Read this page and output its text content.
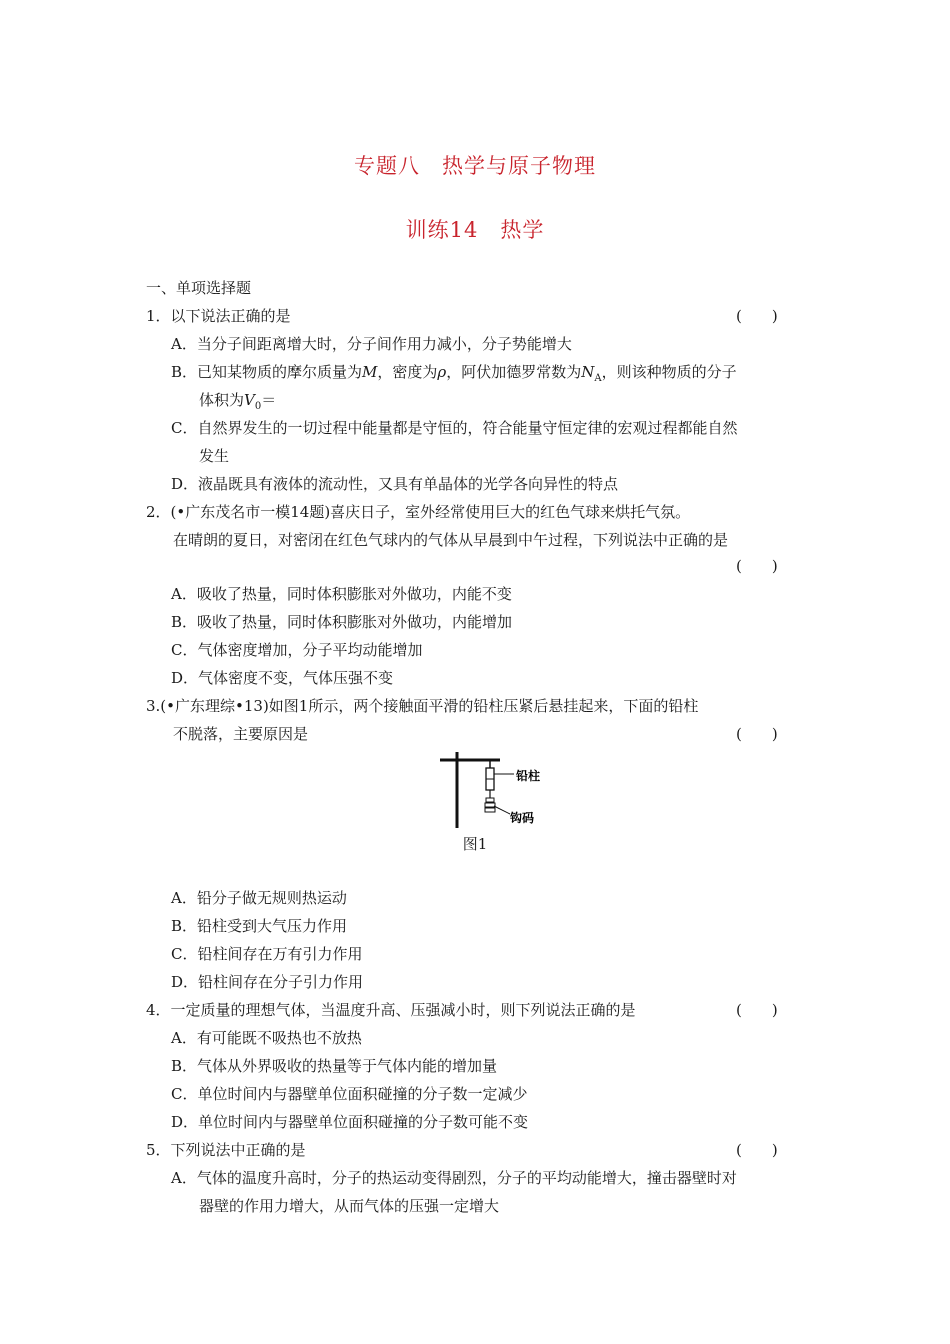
专题八　热学与原子物理
训练14　热学
一、单项选择题
1．以下说法正确的是	(　　)
A．当分子间距离增大时，分子间作用力减小，分子势能增大
B．已知某物质的摩尔质量为M，密度为ρ，阿伏加德罗常数为$N_A$，则该种物质的分子
体积为$V_0=$
C．自然界发生的一切过程中能量都是守恒的，符合能量守恒定律的宏观过程都能自然
发生
D．液晶既具有液体的流动性，又具有单晶体的光学各向异性的特点
2．(•广东茂名市一模14题)喜庆日子，室外经常使用巨大的红色气球来烘托气氛。
在晴朗的夏日，对密闭在红色气球内的气体从早晨到中午过程，下列说法中正确的是
(　　)
A．吸收了热量，同时体积膨胀对外做功，内能不变
B．吸收了热量，同时体积膨胀对外做功，内能增加
C．气体密度增加，分子平均动能增加
D．气体密度不变，气体压强不变
3.(•广东理综•13)如图1所示，两个接触面平滑的铅柱压紧后悬挂起来，下面的铅柱
不脱落，主要原因是	(　　)
铅柱
钩码
图1
A．铅分子做无规则热运动
B．铅柱受到大气压力作用
C．铅柱间存在万有引力作用
D．铅柱间存在分子引力作用
4．一定质量的理想气体，当温度升高、压强减小时，则下列说法正确的是	(　　)
A．有可能既不吸热也不放热
B．气体从外界吸收的热量等于气体内能的增加量
C．单位时间内与器壁单位面积碰撞的分子数一定减少
D．单位时间内与器壁单位面积碰撞的分子数可能不变
5．下列说法中正确的是	(　　)
A．气体的温度升高时，分子的热运动变得剧烈，分子的平均动能增大，撞击器壁时对
器壁的作用力增大，从而气体的压强一定增大
